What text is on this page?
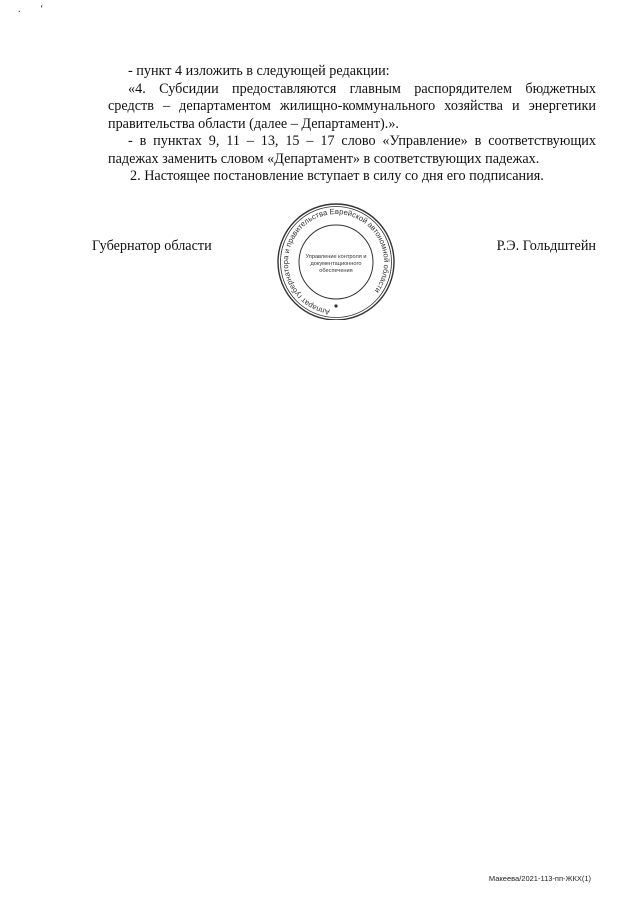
. ‘

- пункт 4 изложить в следующей редакции:

«4. Субсидии предоставляются главным распорядителем бюджетных средств – департаментом жилищно-коммунального хозяйства и энергетики правительства области (далее – Департамент).».

- в пунктах 9, 11 – 13, 15 – 17 слово «Управление» в соответствующих падежах заменить словом «Департамент» в соответствующих падежах.

2. Настоящее постановление вступает в силу со дня его подписания.

Губернатор области	Р.Э. Гольдштейн
Аппарат губернатора и правительства Еврейской автономной области
Управление контроля и
документационного
обеспечения
Макеева/2021-113-пп-ЖКХ(1)
